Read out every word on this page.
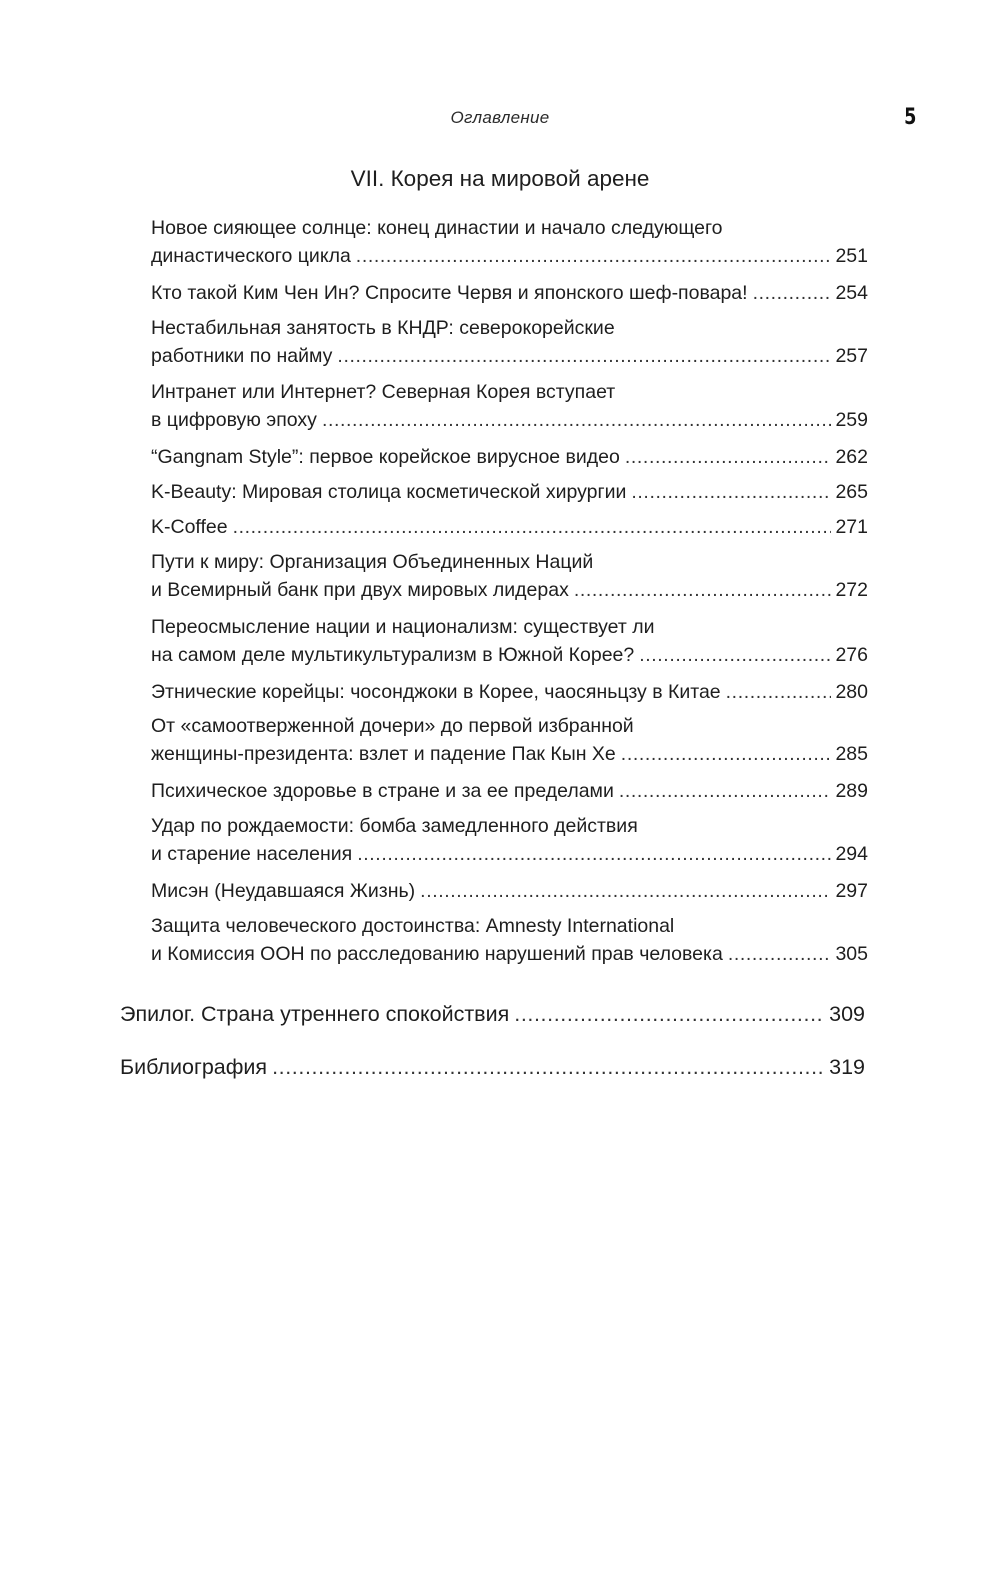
Оглавление	5
VII. Корея на мировой арене
Новое сияющее солнце: конец династии и начало следующего
династического цикла .....	251
Кто такой Ким Чен Ин? Спросите Червя и японского шеф-повара! .....	254
Нестабильная занятость в КНДР: северокорейские
работники по найму .....	257
Интранет или Интернет? Северная Корея вступает
в цифровую эпоху .....	259
“Gangnam Style”: первое корейское вирусное видео .....	262
K-Beauty: Мировая столица косметической хирургии .....	265
K-Coffee .....	271
Пути к миру: Организация Объединенных Наций
и Всемирный банк при двух мировых лидерах .....	272
Переосмысление нации и национализм: существует ли
на самом деле мультикультурализм в Южной Корее? .....	276
Этнические корейцы: чосонджоки в Корее, чаосяньцзу в Китае .....	280
От «самоотверженной дочери» до первой избранной
женщины-президента: взлет и падение Пак Кын Хе .....	285
Психическое здоровье в стране и за ее пределами .....	289
Удар по рождаемости: бомба замедленного действия
и старение населения .....	294
Мисэн (Неудавшаяся Жизнь) .....	297
Защита человеческого достоинства: Amnesty International
и Комиссия ООН по расследованию нарушений прав человека .....	305
Эпилог. Страна утреннего спокойствия .....	309
Библиография .....	319
